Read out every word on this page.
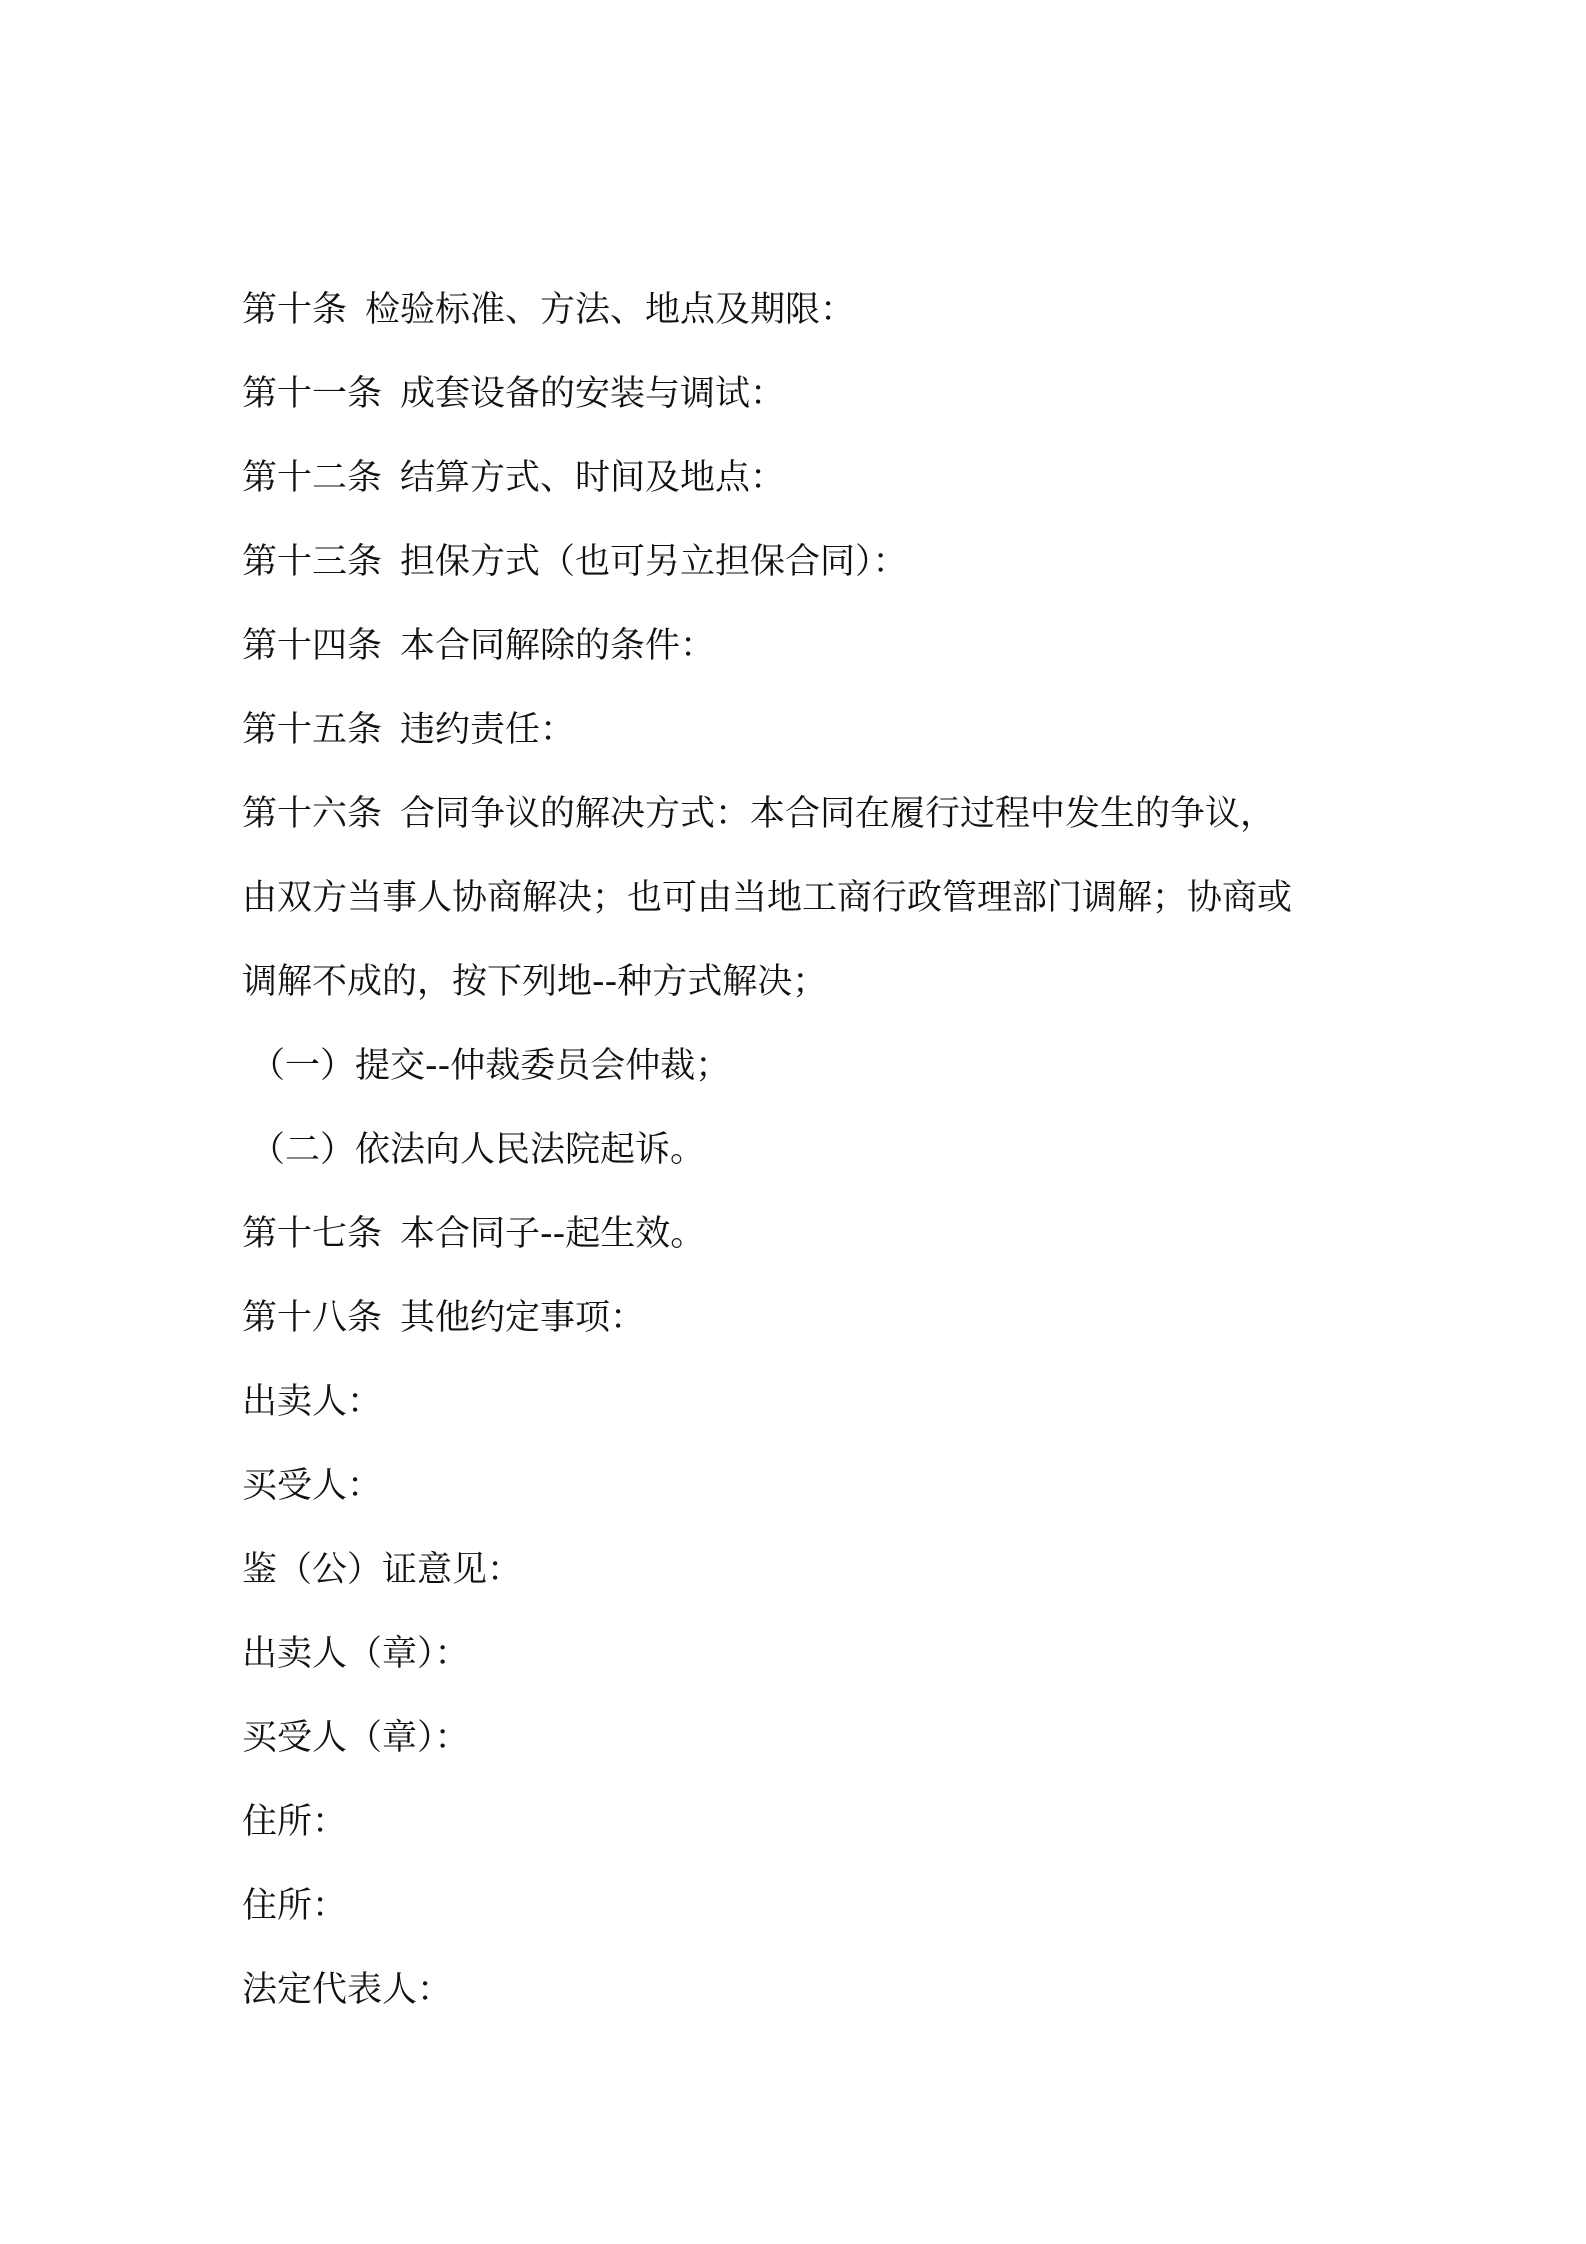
第十条 检验标准、方法、地点及期限：
第十一条 成套设备的安装与调试：
第十二条 结算方式、时间及地点：
第十三条 担保方式（也可另立担保合同）：
第十四条 本合同解除的条件：
第十五条 违约责任：
第十六条 合同争议的解决方式：本合同在履行过程中发生的争议，
由双方当事人协商解决；也可由当地工商行政管理部门调解；协商或
调解不成的，按下列地--种方式解决；
（一）提交--仲裁委员会仲裁；
（二）依法向人民法院起诉。
第十七条 本合同子--起生效。
第十八条 其他约定事项：
出卖人：
买受人：
鉴（公）证意见：
出卖人（章）：
买受人（章）：
住所：
住所：
法定代表人：
